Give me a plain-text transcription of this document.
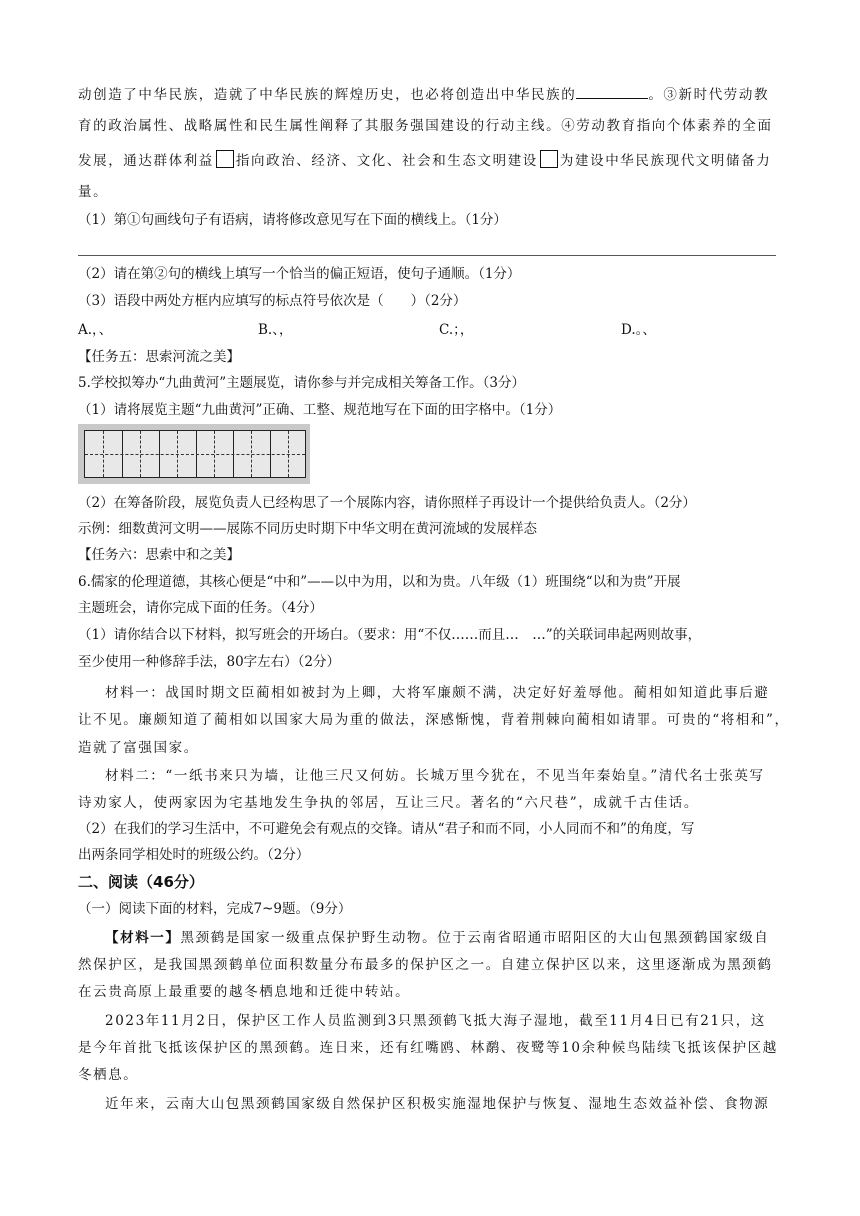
动创造了中华民族，造就了中华民族的辉煌历史，也必将创造出中华民族的	。③新时代劳动教
育的政治属性、战略属性和民生属性阐释了其服务强国建设的行动主线。④劳动教育指向个体素养的全面
发展，通达群体利益 指向政治、经济、文化、社会和生态文明建设 为建设中华民族现代文明储备力
量。
（1）第①句画线句子有语病，请将修改意见写在下面的横线上。（1分）
（2）请在第②句的横线上填写一个恰当的偏正短语，使句子通顺。（1分）
（3）语段中两处方框内应填写的标点符号依次是（　　）（2分）
A.，、	B.、，	C.；，	D.。、
【任务五：思索河流之美】
5.学校拟筹办“九曲黄河”主题展览，请你参与并完成相关筹备工作。（3分）
（1）请将展览主题“九曲黄河”正确、工整、规范地写在下面的田字格中。（1分）
（2）在筹备阶段，展览负责人已经构思了一个展陈内容，请你照样子再设计一个提供给负责人。（2分）
示例：细数黄河文明——展陈不同历史时期下中华文明在黄河流域的发展样态
【任务六：思索中和之美】
6.儒家的伦理道德，其核心便是“中和”——以中为用，以和为贵。八年级（1）班围绕“以和为贵”开展
主题班会，请你完成下面的任务。（4分）
（1）请你结合以下材料，拟写班会的开场白。（要求：用“不仅……而且…　…”的关联词串起两则故事，
至少使用一种修辞手法，80字左右）（2分）
材料一：战国时期文臣蔺相如被封为上卿，大将军廉颇不满，决定好好羞辱他。蔺相如知道此事后避
让不见。廉颇知道了蔺相如以国家大局为重的做法，深感惭愧，背着荆棘向蔺相如请罪。可贵的“将相和”，
造就了富强国家。
材料二：“一纸书来只为墙，让他三尺又何妨。长城万里今犹在，不见当年秦始皇。”清代名士张英写
诗劝家人，使两家因为宅基地发生争执的邻居，互让三尺。著名的“六尺巷”，成就千古佳话。
（2）在我们的学习生活中，不可避免会有观点的交锋。请从“君子和而不同，小人同而不和”的角度，写
出两条同学相处时的班级公约。（2分）
二、阅读（46分）
（一）阅读下面的材料，完成7~9题。（9分）
【材料一】黑颈鹤是国家一级重点保护野生动物。位于云南省昭通市昭阳区的大山包黑颈鹤国家级自
然保护区，是我国黑颈鹤单位面积数量分布最多的保护区之一。自建立保护区以来，这里逐渐成为黑颈鹤
在云贵高原上最重要的越冬栖息地和迁徙中转站。
2023年11月2日，保护区工作人员监测到3只黑颈鹤飞抵大海子湿地，截至11月4日已有21只，这
是今年首批飞抵该保护区的黑颈鹤。连日来，还有红嘴鸥、林鹬、夜鹭等10余种候鸟陆续飞抵该保护区越
冬栖息。
近年来，云南大山包黑颈鹤国家级自然保护区积极实施湿地保护与恢复、湿地生态效益补偿、食物源
